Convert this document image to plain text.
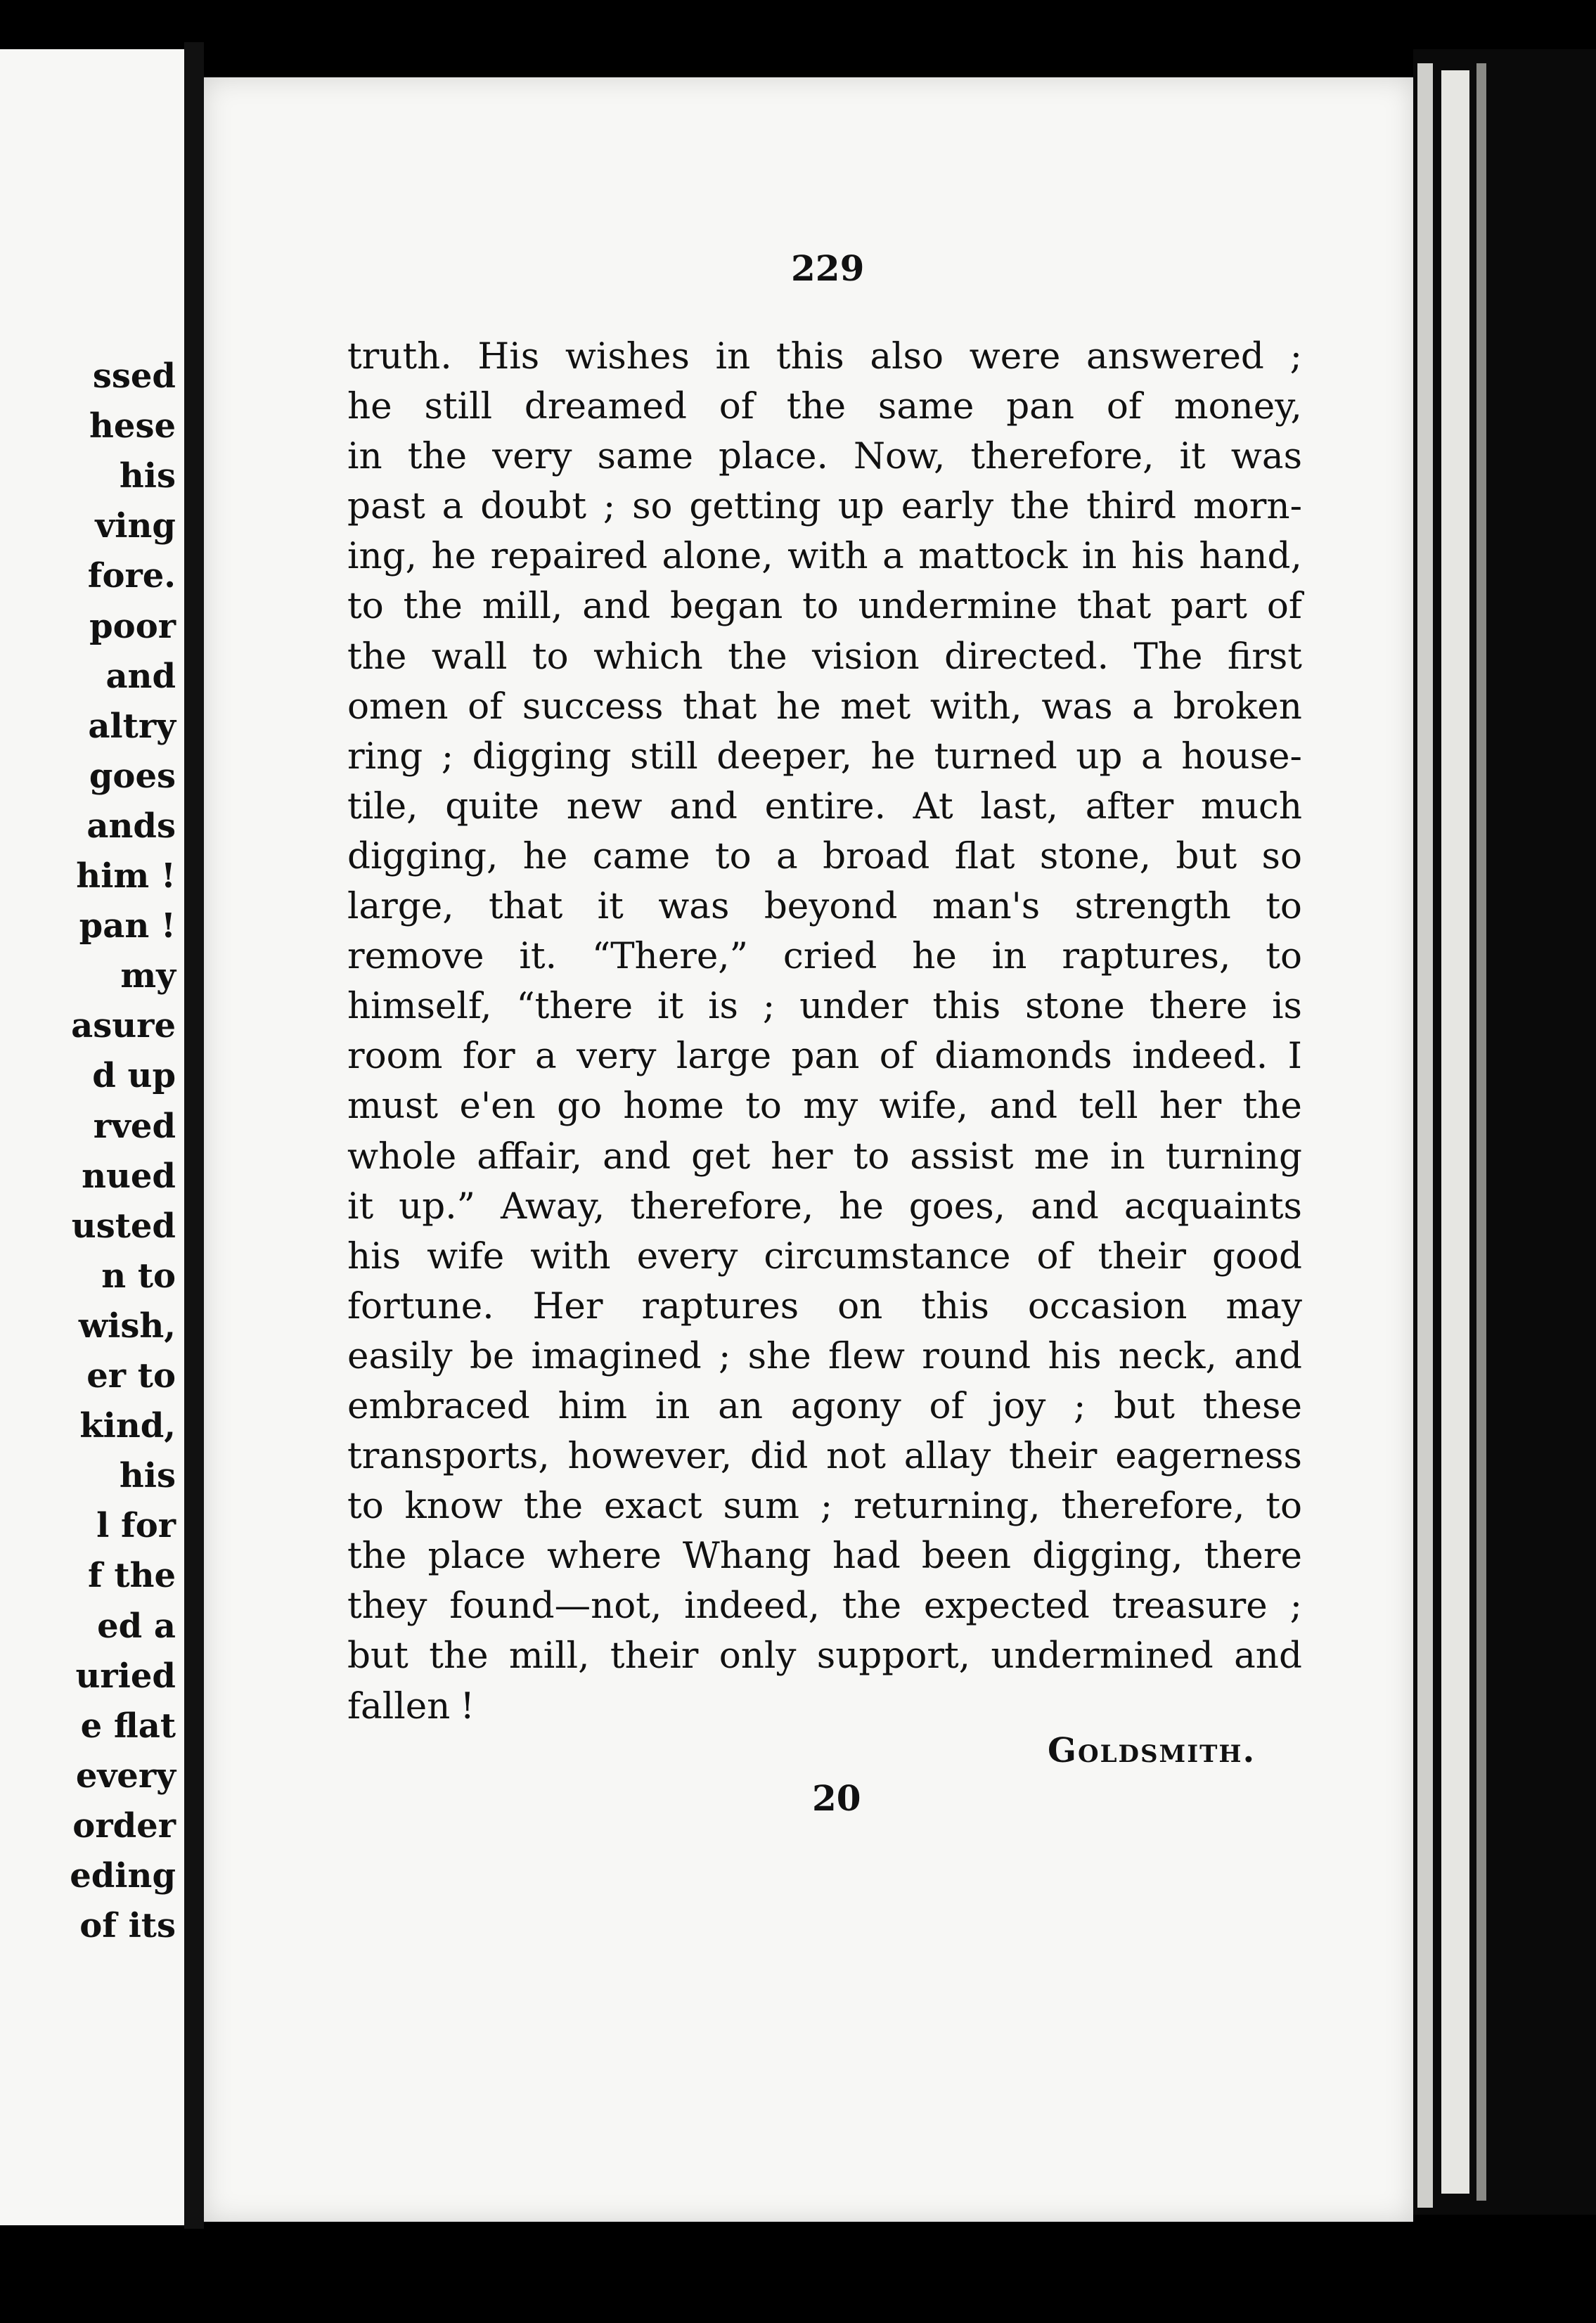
ssed
hese
his
ving
fore.
poor
and
altry
goes
ands
him !
pan !
my
asure
d up
rved
nued
usted
n to
wish,
er to
kind,
his
l for
f the
ed a
uried
e flat
every
order
eding
of its
229
truth. His wishes in this also were answered ;
he still dreamed of the same pan of money,
in the very same place. Now, therefore, it was
past a doubt ; so getting up early the third morn-
ing, he repaired alone, with a mattock in his hand,
to the mill, and began to undermine that part of
the wall to which the vision directed. The first
omen of success that he met with, was a broken
ring ; digging still deeper, he turned up a house-
tile, quite new and entire. At last, after much
digging, he came to a broad flat stone, but so
large, that it was beyond man's strength to
remove it. “There,” cried he in raptures, to
himself, “there it is ; under this stone there is
room for a very large pan of diamonds indeed. I
must e'en go home to my wife, and tell her the
whole affair, and get her to assist me in turning
it up.” Away, therefore, he goes, and acquaints
his wife with every circumstance of their good
fortune. Her raptures on this occasion may
easily be imagined ; she flew round his neck, and
embraced him in an agony of joy ; but these
transports, however, did not allay their eagerness
to know the exact sum ; returning, therefore, to
the place where Whang had been digging, there
they found—not, indeed, the expected treasure ;
but the mill, their only support, undermined and
fallen !
Goldsmith.
20
